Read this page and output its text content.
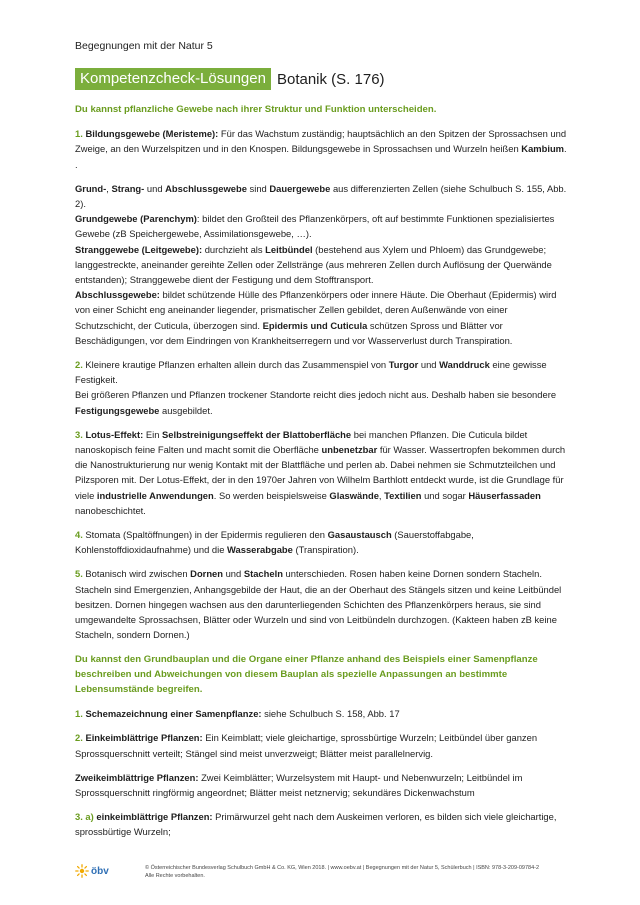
Begegnungen mit der Natur 5
Kompetenzcheck-Lösungen Botanik (S. 176)

Du kannst pflanzliche Gewebe nach ihrer Struktur und Funktion unterscheiden.

1. Bildungsgewebe (Meristeme): Für das Wachstum zuständig; hauptsächlich an den Spitzen der Sprossachsen und Zweige, an den Wurzelspitzen und in den Knospen. Bildungsgewebe in Sprossachsen und Wurzeln heißen Kambium. .

Grund-, Strang- und Abschlussgewebe sind Dauergewebe aus differenzierten Zellen (siehe Schulbuch S. 155, Abb. 2).
Grundgewebe (Parenchym): bildet den Großteil des Pflanzenkörpers, oft auf bestimmte Funktionen spezialisiertes Gewebe (zB Speichergewebe, Assimilationsgewebe, …).
Stranggewebe (Leitgewebe): durchzieht als Leitbündel (bestehend aus Xylem und Phloem) das Grundgewebe; langgestreckte, aneinander gereihte Zellen oder Zellstränge (aus mehreren Zellen durch Auflösung der Querwände entstanden); Stranggewebe dient der Festigung und dem Stofftransport.
Abschlussgewebe: bildet schützende Hülle des Pflanzenkörpers oder innere Häute. Die Oberhaut (Epidermis) wird von einer Schicht eng aneinander liegender, prismatischer Zellen gebildet, deren Außenwände von einer Schutzschicht, der Cuticula, überzogen sind. Epidermis und Cuticula schützen Spross und Blätter vor Beschädigungen, vor dem Eindringen von Krankheitserregern und vor Wasserverlust durch Transpiration.

2. Kleinere krautige Pflanzen erhalten allein durch das Zusammenspiel von Turgor und Wanddruck eine gewisse Festigkeit.
Bei größeren Pflanzen und Pflanzen trockener Standorte reicht dies jedoch nicht aus. Deshalb haben sie besondere Festigungsgewebe ausgebildet.

3. Lotus-Effekt: Ein Selbstreinigungseffekt der Blattoberfläche bei manchen Pflanzen. Die Cuticula bildet nanoskopisch feine Falten und macht somit die Oberfläche unbenetzbar für Wasser. Wassertropfen bekommen durch die Nanostrukturierung nur wenig Kontakt mit der Blattfläche und perlen ab. Dabei nehmen sie Schmutzteilchen und Pilzsporen mit. Der Lotus-Effekt, der in den 1970er Jahren von Wilhelm Barthlott entdeckt wurde, ist die Grundlage für viele industrielle Anwendungen. So werden beispielsweise Glaswände, Textilien und sogar Häuserfassaden nanobeschichtet.

4. Stomata (Spaltöffnungen) in der Epidermis regulieren den Gasaustausch (Sauerstoffabgabe, Kohlenstoffdioxidaufnahme) und die Wasserabgabe (Transpiration).

5. Botanisch wird zwischen Dornen und Stacheln unterschieden. Rosen haben keine Dornen sondern Stacheln. Stacheln sind Emergenzien, Anhangsgebilde der Haut, die an der Oberhaut des Stängels sitzen und keine Leitbündel besitzen. Dornen hingegen wachsen aus den darunterliegenden Schichten des Pflanzenkörpers heraus, sie sind umgewandelte Sprossachsen, Blätter oder Wurzeln und sind von Leitbündeln durchzogen. (Kakteen haben zB keine Stacheln, sondern Dornen.)

Du kannst den Grundbauplan und die Organe einer Pflanze anhand des Beispiels einer Samenpflanze beschreiben und Abweichungen von diesem Bauplan als spezielle Anpassungen an bestimmte Lebensumstände begreifen.

1. Schemazeichnung einer Samenpflanze: siehe Schulbuch S. 158, Abb. 17

2. Einkeimblättrige Pflanzen: Ein Keimblatt; viele gleichartige, sprossbürtige Wurzeln; Leitbündel über ganzen Sprossquerschnitt verteilt; Stängel sind meist unverzweigt; Blätter meist parallelnervig.

Zweikeimblättrige Pflanzen: Zwei Keimblätter; Wurzelsystem mit Haupt- und Nebenwurzeln; Leitbündel im Sprossquerschnitt ringförmig angeordnet; Blätter meist netznervig; sekundäres Dickenwachstum

3. a) einkeimblättrige Pflanzen: Primärwurzel geht nach dem Auskeimen verloren, es bilden sich viele gleichartige, sprossbürtige Wurzeln;

öbv	© Österreichischer Bundesverlag Schulbuch GmbH & Co. KG, Wien 2018. | www.oebv.at | Begegnungen mit der Natur 5, Schülerbuch | ISBN: 978-3-209-09784-2
Alle Rechte vorbehalten.
